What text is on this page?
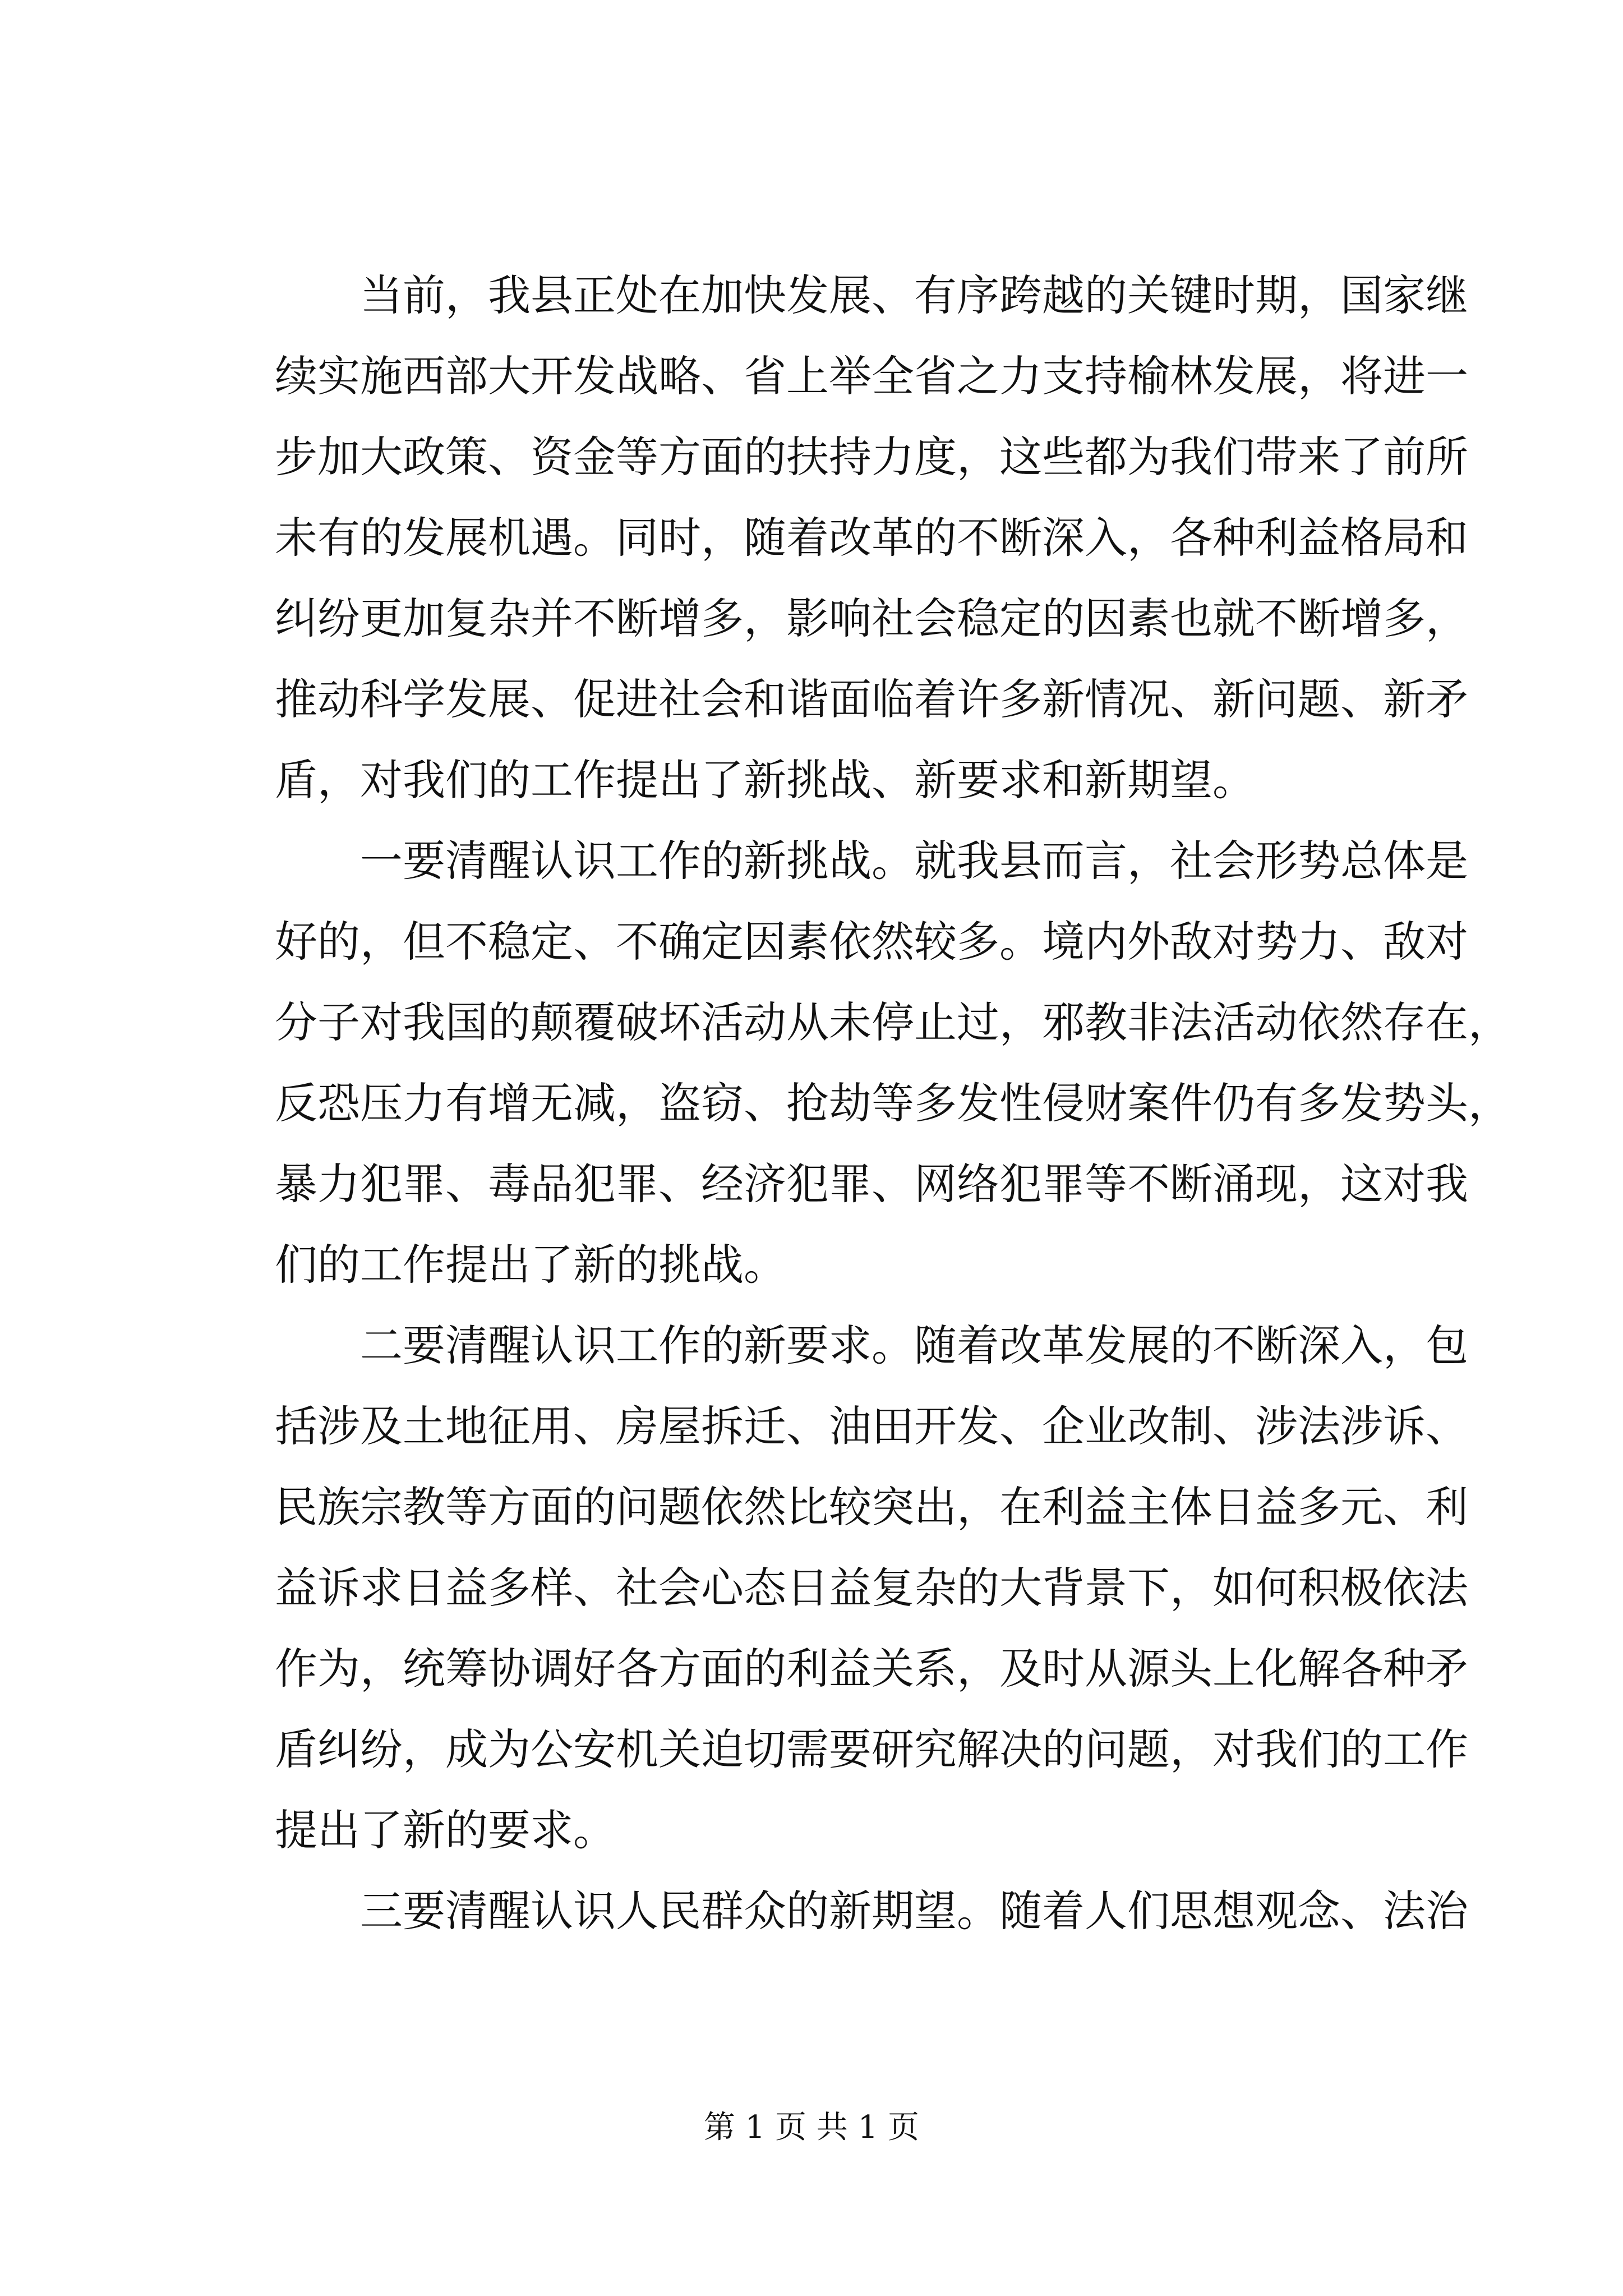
当前，我县正处在加快发展、有序跨越的关键时期，国家继
续实施西部大开发战略、省上举全省之力支持榆林发展，将进一
步加大政策、资金等方面的扶持力度，这些都为我们带来了前所
未有的发展机遇。同时，随着改革的不断深入，各种利益格局和
纠纷更加复杂并不断增多，影响社会稳定的因素也就不断增多，
推动科学发展、促进社会和谐面临着许多新情况、新问题、新矛
盾，对我们的工作提出了新挑战、新要求和新期望。
一要清醒认识工作的新挑战。就我县而言，社会形势总体是
好的，但不稳定、不确定因素依然较多。境内外敌对势力、敌对
分子对我国的颠覆破坏活动从未停止过，邪教非法活动依然存在，
反恐压力有增无减，盗窃、抢劫等多发性侵财案件仍有多发势头，
暴力犯罪、毒品犯罪、经济犯罪、网络犯罪等不断涌现，这对我
们的工作提出了新的挑战。
二要清醒认识工作的新要求。随着改革发展的不断深入，包
括涉及土地征用、房屋拆迁、油田开发、企业改制、涉法涉诉、
民族宗教等方面的问题依然比较突出，在利益主体日益多元、利
益诉求日益多样、社会心态日益复杂的大背景下，如何积极依法
作为，统筹协调好各方面的利益关系，及时从源头上化解各种矛
盾纠纷，成为公安机关迫切需要研究解决的问题，对我们的工作
提出了新的要求。
三要清醒认识人民群众的新期望。随着人们思想观念、法治
第 1 页 共 1 页
